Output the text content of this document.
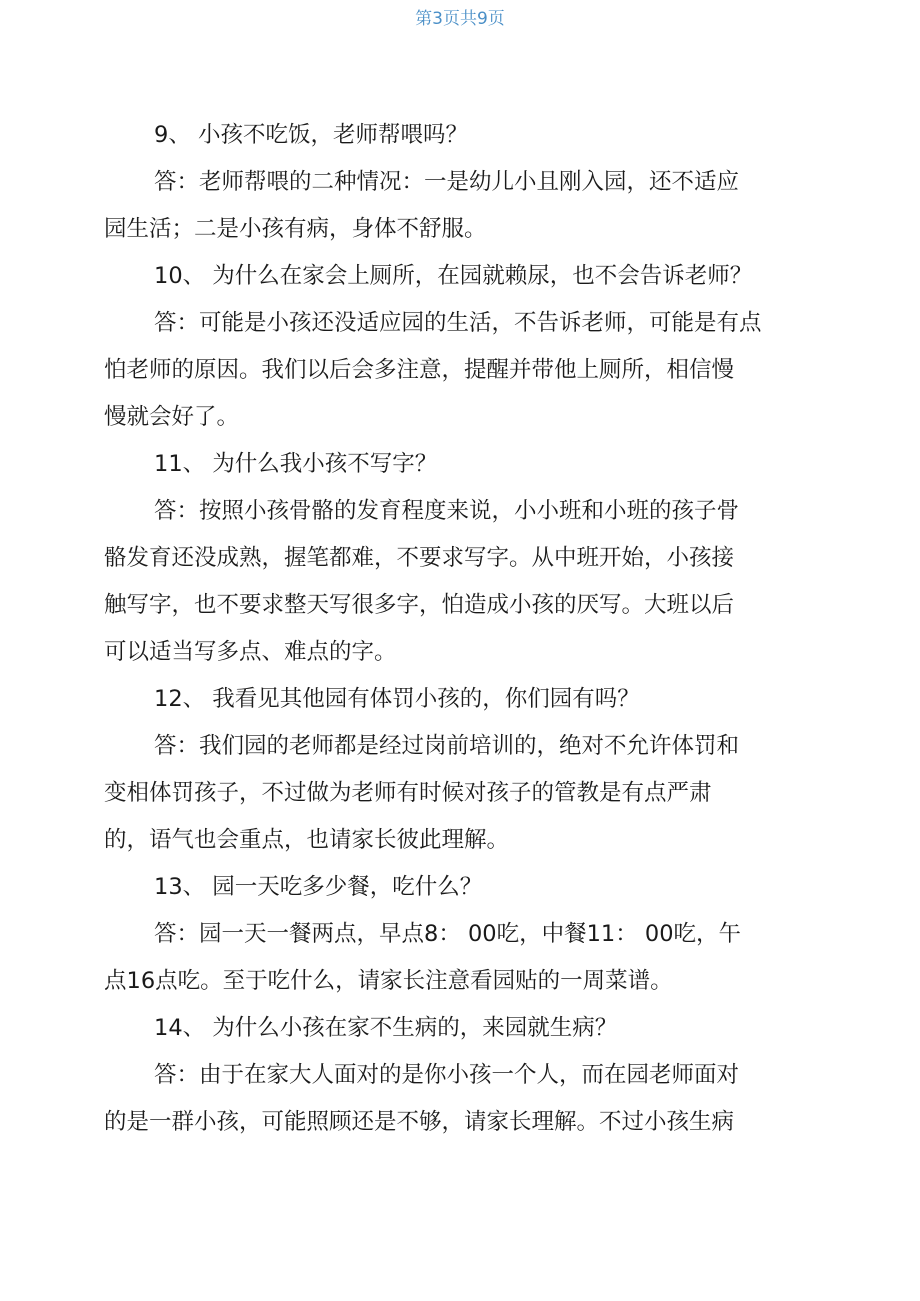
第3页共9页

9、 小孩不吃饭，老师帮喂吗？

答：老师帮喂的二种情况：一是幼儿小且刚入园，还不适应
园生活；二是小孩有病，身体不舒服。

10、 为什么在家会上厕所，在园就赖尿，也不会告诉老师？

答：可能是小孩还没适应园的生活，不告诉老师，可能是有点
怕老师的原因。我们以后会多注意，提醒并带他上厕所，相信慢
慢就会好了。

11、 为什么我小孩不写字？

答：按照小孩骨骼的发育程度来说，小小班和小班的孩子骨
骼发育还没成熟，握笔都难，不要求写字。从中班开始，小孩接
触写字，也不要求整天写很多字，怕造成小孩的厌写。大班以后
可以适当写多点、难点的字。

12、 我看见其他园有体罚小孩的，你们园有吗？

答：我们园的老师都是经过岗前培训的，绝对不允许体罚和
变相体罚孩子，不过做为老师有时候对孩子的管教是有点严肃
的，语气也会重点，也请家长彼此理解。

13、 园一天吃多少餐，吃什么？

答：园一天一餐两点，早点8： 00吃，中餐11： 00吃，午
点16点吃。至于吃什么，请家长注意看园贴的一周菜谱。

14、 为什么小孩在家不生病的，来园就生病？

答：由于在家大人面对的是你小孩一个人，而在园老师面对
的是一群小孩，可能照顾还是不够，请家长理解。不过小孩生病
